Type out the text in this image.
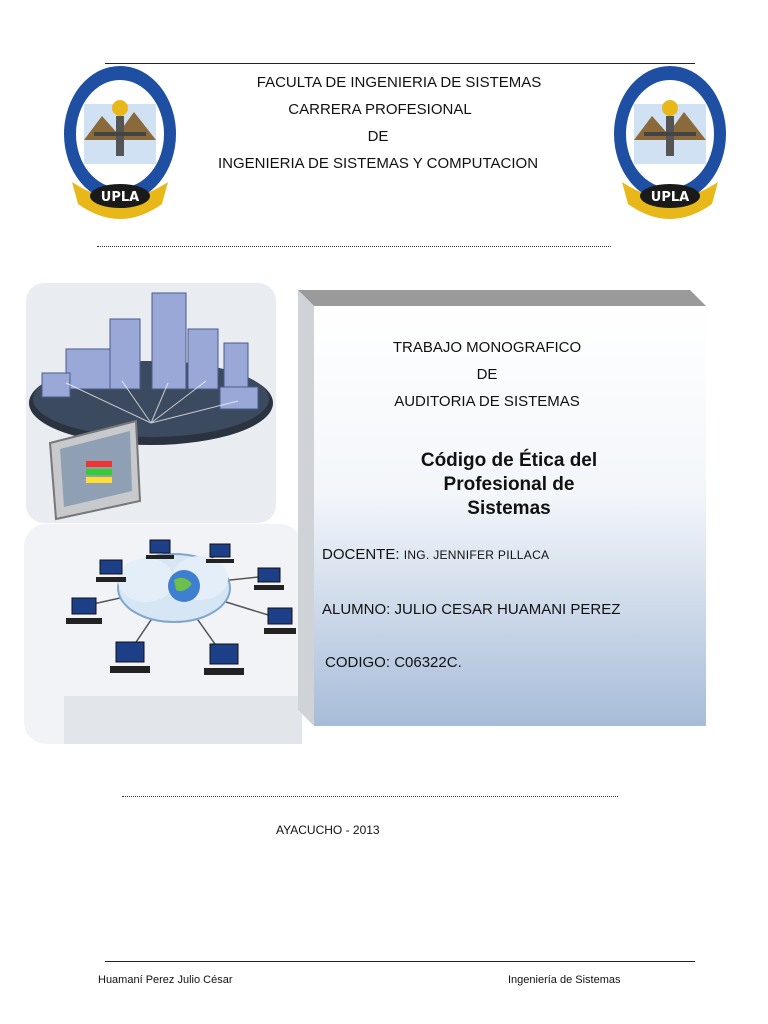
FACULTA DE INGENIERIA DE SISTEMAS
CARRERA PROFESIONAL
DE
INGENIERIA DE SISTEMAS Y COMPUTACION
UPLA	UPLA
TRABAJO MONOGRAFICO
DE
AUDITORIA DE SISTEMAS
Código de Ética del
Profesional de
Sistemas
DOCENTE: ING. JENNIFER PILLACA
ALUMNO: JULIO CESAR HUAMANI PEREZ
CODIGO: C06322C.
AYACUCHO - 2013
Huamaní Perez Julio César	Ingeniería de Sistemas
